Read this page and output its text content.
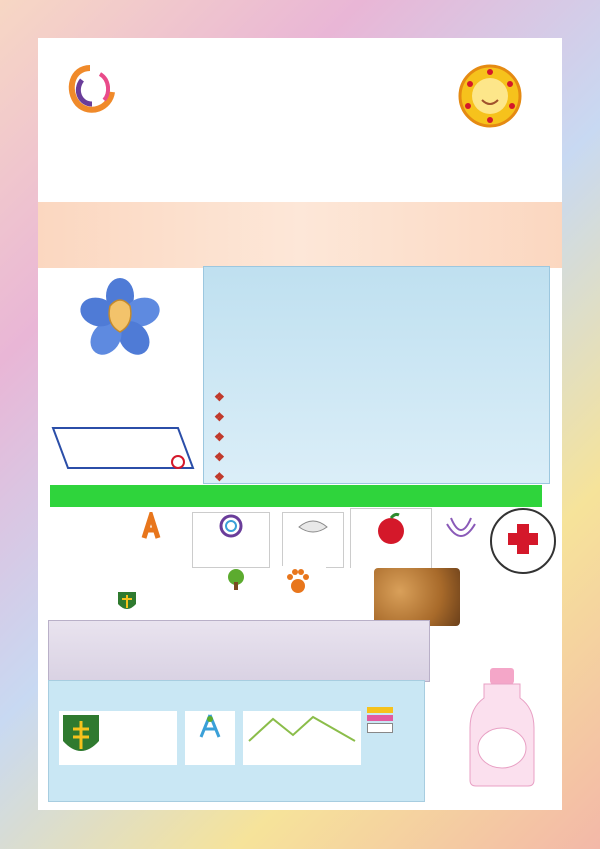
❖
❖
❖
❖
❖
